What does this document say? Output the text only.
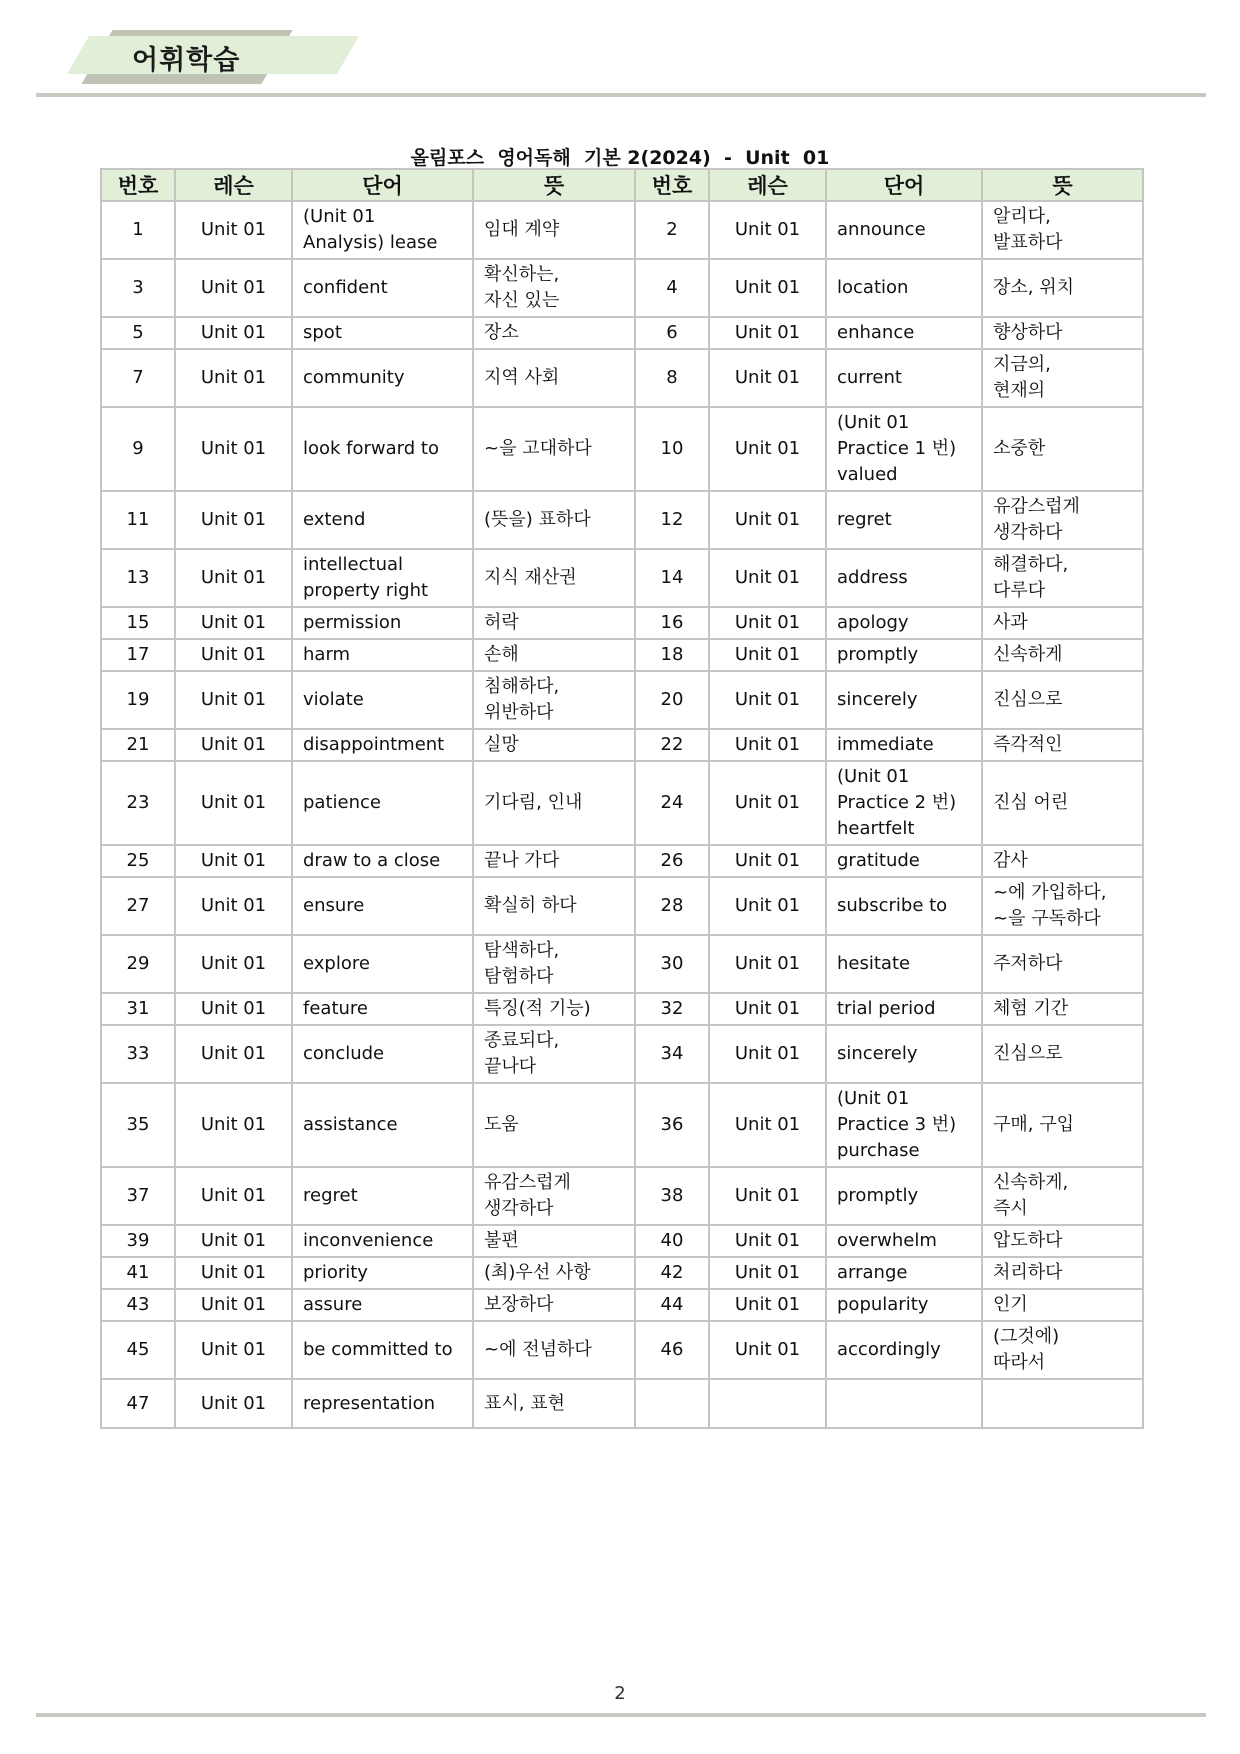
어휘학습
올림포스  영어독해  기본 2(2024)  -  Unit  01
번호	레슨	단어	뜻	번호	레슨	단어	뜻
1	Unit 01	(Unit 01
Analysis) lease	임대 계약	2	Unit 01	announce	알리다,
발표하다
3	Unit 01	confident	확신하는,
자신 있는	4	Unit 01	location	장소, 위치
5	Unit 01	spot	장소	6	Unit 01	enhance	향상하다
7	Unit 01	community	지역 사회	8	Unit 01	current	지금의,
현재의
9	Unit 01	look forward to	~을 고대하다	10	Unit 01	(Unit 01
Practice 1 번)
valued	소중한
11	Unit 01	extend	(뜻을) 표하다	12	Unit 01	regret	유감스럽게
생각하다
13	Unit 01	intellectual
property right	지식 재산권	14	Unit 01	address	해결하다,
다루다
15	Unit 01	permission	허락	16	Unit 01	apology	사과
17	Unit 01	harm	손해	18	Unit 01	promptly	신속하게
19	Unit 01	violate	침해하다,
위반하다	20	Unit 01	sincerely	진심으로
21	Unit 01	disappointment	실망	22	Unit 01	immediate	즉각적인
23	Unit 01	patience	기다림, 인내	24	Unit 01	(Unit 01
Practice 2 번)
heartfelt	진심 어린
25	Unit 01	draw to a close	끝나 가다	26	Unit 01	gratitude	감사
27	Unit 01	ensure	확실히 하다	28	Unit 01	subscribe to	~에 가입하다,
~을 구독하다
29	Unit 01	explore	탐색하다,
탐험하다	30	Unit 01	hesitate	주저하다
31	Unit 01	feature	특징(적 기능)	32	Unit 01	trial period	체험 기간
33	Unit 01	conclude	종료되다,
끝나다	34	Unit 01	sincerely	진심으로
35	Unit 01	assistance	도움	36	Unit 01	(Unit 01
Practice 3 번)
purchase	구매, 구입
37	Unit 01	regret	유감스럽게
생각하다	38	Unit 01	promptly	신속하게,
즉시
39	Unit 01	inconvenience	불편	40	Unit 01	overwhelm	압도하다
41	Unit 01	priority	(최)우선 사항	42	Unit 01	arrange	처리하다
43	Unit 01	assure	보장하다	44	Unit 01	popularity	인기
45	Unit 01	be committed to	~에 전념하다	46	Unit 01	accordingly	(그것에)
따라서
47	Unit 01	representation	표시, 표현				
2
